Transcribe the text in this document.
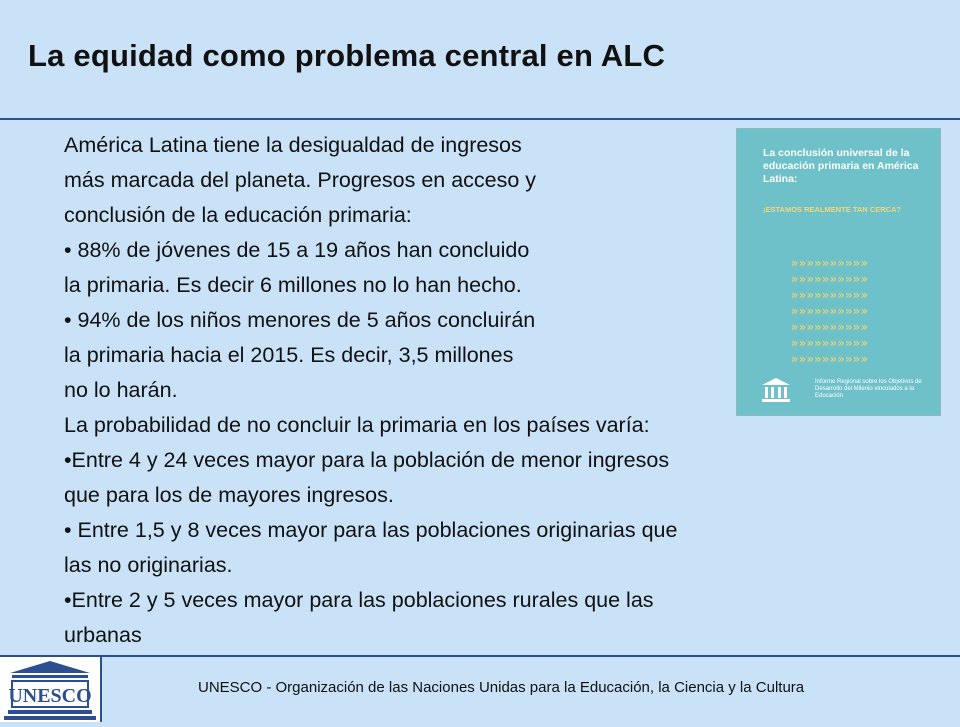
La equidad como problema central en ALC
La conclusión universal de la educación primaria en América Latina:
¡ ESTAMOS REALMENTE TAN CERCA?
»»»»»»»»»»
»»»»»»»»»»
»»»»»»»»»»
»»»»»»»»»»
»»»»»»»»»»
»»»»»»»»»»
»»»»»»»»»»
Informe Regional sobre los Objetivos de Desarrollo del Milenio vinculados a la Educación

América Latina tiene la desigualdad de ingresos

más marcada del planeta. Progresos en acceso y

conclusión de la educación primaria:

• 88% de jóvenes de 15 a 19 años han concluido

la primaria. Es decir 6 millones no lo han hecho.

• 94% de los niños menores de 5 años concluirán

la primaria hacia el 2015. Es decir, 3,5 millones

no lo harán.

La probabilidad de no concluir la primaria en los países varía:

•Entre 4 y 24 veces mayor para la población de menor ingresos

que para los de mayores ingresos.

• Entre 1,5 y 8 veces mayor para las poblaciones originarias que

las no originarias.

•Entre 2 y 5 veces mayor para las poblaciones rurales que las

urbanas

UNESCO	UNESCO - Organización de las Naciones Unidas para la Educación, la Ciencia y la Cultura
